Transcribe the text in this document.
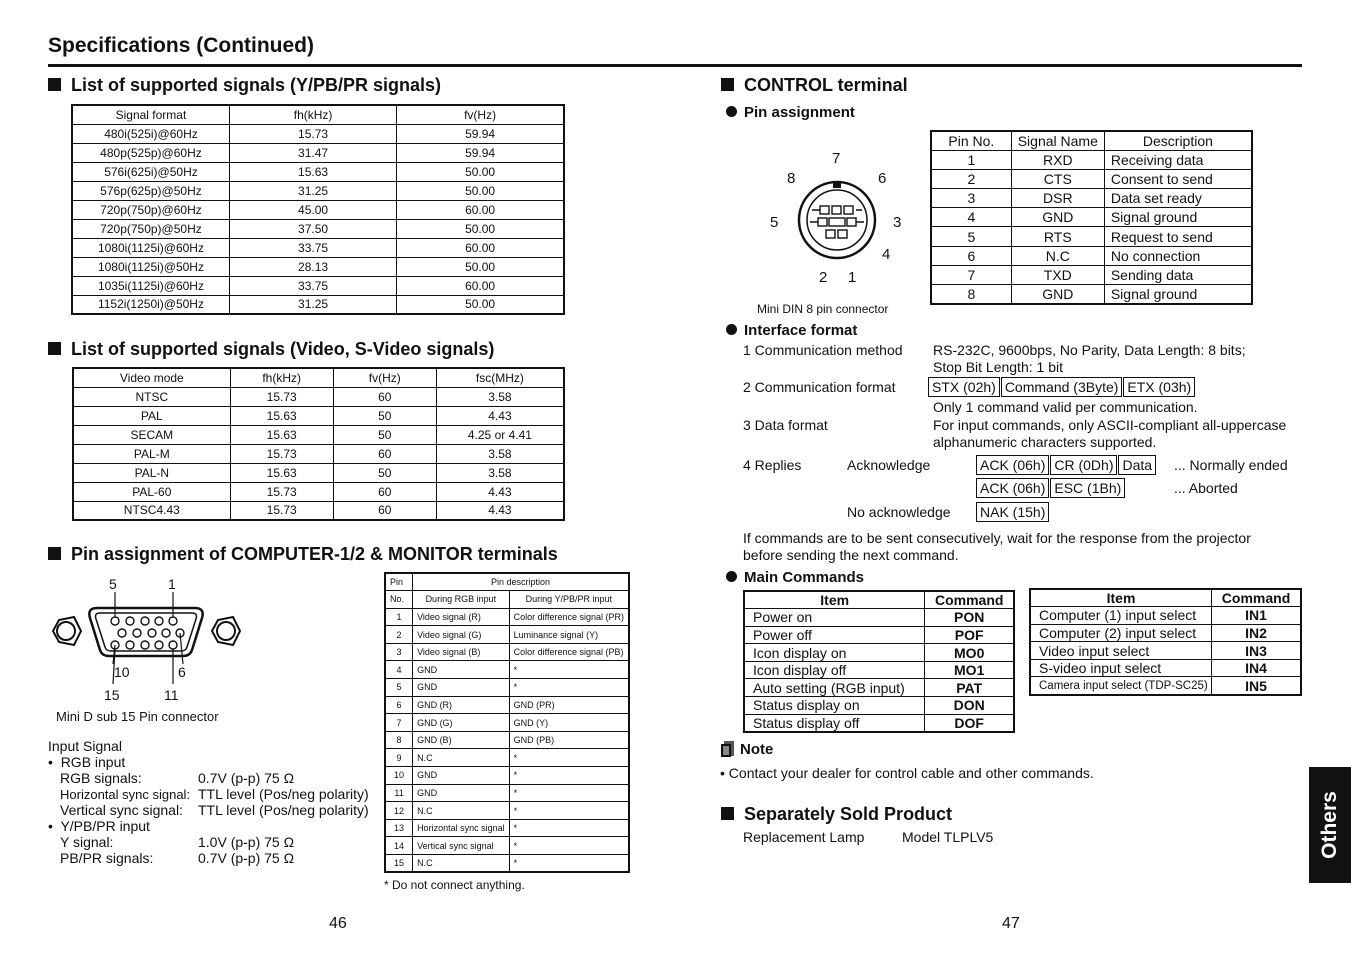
Specifications (Continued)
List of supported signals (Y/PB/PR signals)
Signal format	fh(kHz)	fv(Hz)
480i(525i)@60Hz	15.73	59.94
480p(525p)@60Hz	31.47	59.94
576i(625i)@50Hz	15.63	50.00
576p(625p)@50Hz	31.25	50.00
720p(750p)@60Hz	45.00	60.00
720p(750p)@50Hz	37.50	50.00
1080i(1125i)@60Hz	33.75	60.00
1080i(1125i)@50Hz	28.13	50.00
1035i(1125i)@60Hz	33.75	60.00
1152i(1250i)@50Hz	31.25	50.00
List of supported signals (Video, S-Video signals)
Video mode	fh(kHz)	fv(Hz)	fsc(MHz)
NTSC	15.73	60	3.58
PAL	15.63	50	4.43
SECAM	15.63	50	4.25 or 4.41
PAL-M	15.73	60	3.58
PAL-N	15.63	50	3.58
PAL-60	15.73	60	4.43
NTSC4.43	15.73	60	4.43
Pin assignment of COMPUTER-1/2 & MONITOR terminals
5	1
10	6
15	11
Mini D sub 15 Pin connector
Input Signal
•  RGB input
RGB signals:	0.7V (p-p) 75 Ω
Horizontal sync signal: TTL level (Pos/neg polarity)
Vertical sync signal: TTL level (Pos/neg polarity)
•  Y/PB/PR input
Y signal:	1.0V (p-p) 75 Ω
PB/PR signals:	0.7V (p-p) 75 Ω
Pin	Pin description	
No.	During RGB input	During Y/PB/PR input
1	Video signal (R)	Color difference signal (PR)
2	Video signal (G)	Luminance signal (Y)
3	Video signal (B)	Color difference signal (PB)
4	GND	*
5	GND	*
6	GND (R)	GND (PR)
7	GND (G)	GND (Y)
8	GND (B)	GND (PB)
9	N.C	*
10	GND	*
11	GND	*
12	N.C	*
13	Horizontal sync signal	*
14	Vertical sync signal	*
15	N.C	*
* Do not connect anything.
46
CONTROL terminal
Pin assignment
7
8	6
5	3
4
2 1
Mini DIN 8 pin connector
Pin No.	Signal Name	Description
1	RXD	Receiving data
2	CTS	Consent to send
3	DSR	Data set ready
4	GND	Signal ground
5	RTS	Request to send
6	N.C	No connection
7	TXD	Sending data
8	GND	Signal ground
Interface format
1 Communication method RS-232C, 9600bps, No Parity, Data Length: 8 bits;
Stop Bit Length: 1 bit
2 Communication format	STX (02h) Command (3Byte) ETX (03h)
Only 1 command valid per communication.
3 Data format	For input commands, only ASCII-compliant all-uppercase
alphanumeric characters supported.
4 Replies	Acknowledge	ACK (06h) CR (0Dh) Data	... Normally ended
ACK (06h) ESC (1Bh)	... Aborted
No acknowledge NAK (15h)
If commands are to be sent consecutively, wait for the response from the projector
before sending the next command.
Main Commands
Item	Command
Power on	PON
Power off	POF
Icon display on	MO0
Icon display off	MO1
Auto setting (RGB input)	PAT
Status display on	DON
Status display off	DOF
Item	Command
Computer (1) input select	IN1
Computer (2) input select	IN2
Video input select	IN3
S-video input select	IN4
Camera input select (TDP-SC25)	IN5
Note
• Contact your dealer for control cable and other commands.
Separately Sold Product
Replacement Lamp	Model TLPLV5
47
Others
